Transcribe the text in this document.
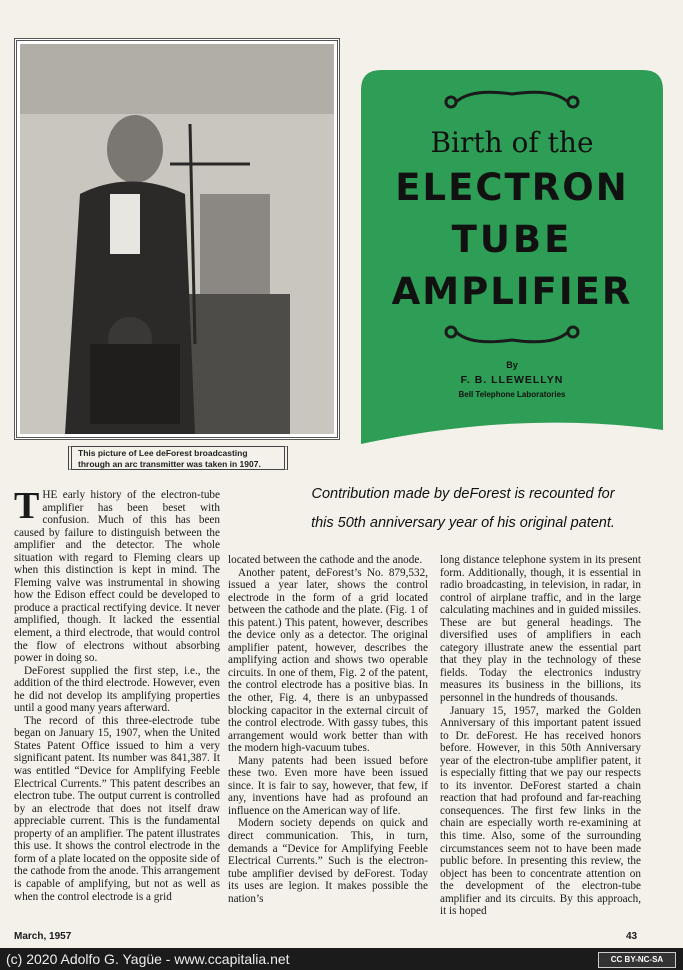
This picture of Lee deForest broadcasting through an arc transmitter was taken in 1907.
Birth of the
ELECTRON
TUBE
AMPLIFIER
By
F. B. LLEWELLYN
Bell Telephone Laboratories
Contribution made by deForest is recounted for
this 50th anniversary year of his original patent.

THE early history of the electron-tube amplifier has been beset with confusion. Much of this has been caused by failure to distinguish between the amplifier and the detector. The whole situation with regard to Fleming clears up when this distinction is kept in mind. The Fleming valve was instrumental in showing how the Edison effect could be developed to produce a practical rectifying device. It never amplified, though. It lacked the essential element, a third electrode, that would control the flow of electrons without absorbing power in doing so.

DeForest supplied the first step, i.e., the addition of the third electrode. However, even he did not develop its amplifying properties until a good many years afterward.

The record of this three-electrode tube began on January 15, 1907, when the United States Patent Office issued to him a very significant patent. Its number was 841,387. It was entitled “Device for Amplifying Feeble Electrical Currents.” This patent describes an electron tube. The output current is controlled by an electrode that does not itself draw appreciable current. This is the fundamental property of an amplifier. The patent illustrates this use. It shows the control electrode in the form of a plate located on the opposite side of the cathode from the anode. This arrangement is capable of amplifying, but not as well as when the control electrode is a grid

located between the cathode and the anode.

Another patent, deForest’s No. 879,532, issued a year later, shows the control electrode in the form of a grid located between the cathode and the plate. (Fig. 1 of this patent.) This patent, however, describes the device only as a detector. The original amplifier patent, however, describes the amplifying action and shows two operable circuits. In one of them, Fig. 2 of the patent, the control electrode has a positive bias. In the other, Fig. 4, there is an unbypassed blocking capacitor in the external circuit of the control electrode. With gassy tubes, this arrangement would work better than with the modern high-vacuum tubes.

Many patents had been issued before these two. Even more have been issued since. It is fair to say, however, that few, if any, inventions have had as profound an influence on the American way of life.

Modern society depends on quick and direct communication. This, in turn, demands a “Device for Amplifying Feeble Electrical Currents.” Such is the electron-tube amplifier devised by deForest. Today its uses are legion. It makes possible the nation’s

long distance telephone system in its present form. Additionally, though, it is essential in radio broadcasting, in television, in radar, in control of airplane traffic, and in the large calculating machines and in guided missiles. These are but general headings. The diversified uses of amplifiers in each category illustrate anew the essential part that they play in the technology of these fields. Today the electronics industry measures its business in the billions, its personnel in the hundreds of thousands.

January 15, 1957, marked the Golden Anniversary of this important patent issued to Dr. deForest. He has received honors before. However, in this 50th Anniversary year of the electron-tube amplifier patent, it is especially fitting that we pay our respects to its inventor. DeForest started a chain reaction that had profound and far-reaching consequences. The first few links in the chain are especially worth re-examining at this time. Also, some of the surrounding circumstances seem not to have been made public before. In presenting this review, the object has been to concentrate attention on the development of the electron-tube amplifier and its circuits. By this approach, it is hoped

March, 1957	43
(c) 2020 Adolfo G. Yagüe - www.ccapitalia.net	CC BY-NC-SA
